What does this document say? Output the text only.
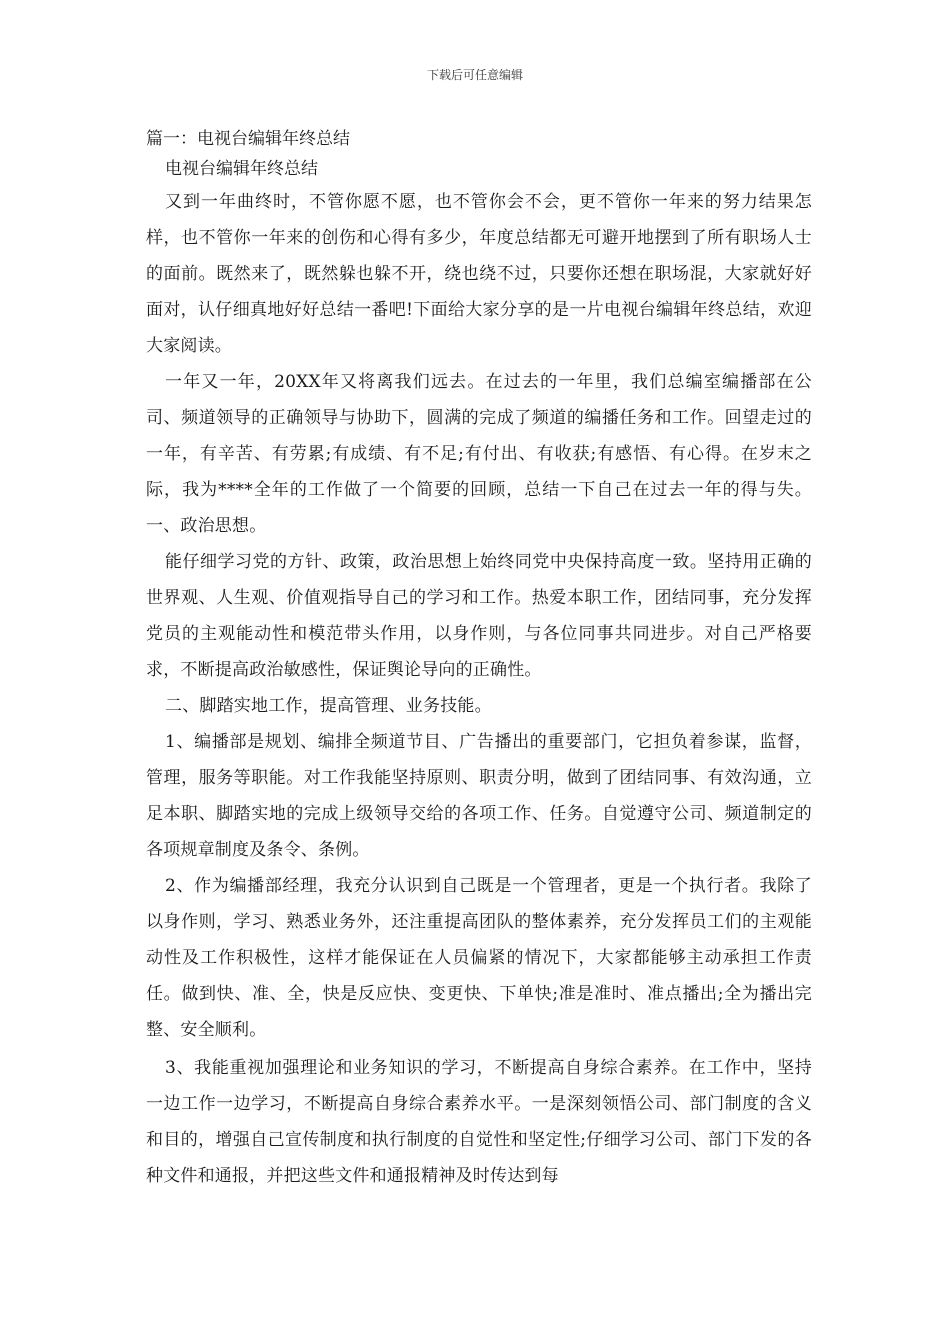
下载后可任意编辑

篇一：电视台编辑年终总结

电视台编辑年终总结

又到一年曲终时，不管你愿不愿，也不管你会不会，更不管你一年来的努力结果怎样，也不管你一年来的创伤和心得有多少，年度总结都无可避开地摆到了所有职场人士的面前。既然来了，既然躲也躲不开，绕也绕不过，只要你还想在职场混，大家就好好面对，认仔细真地好好总结一番吧!下面给大家分享的是一片电视台编辑年终总结，欢迎大家阅读。

一年又一年，20XX年又将离我们远去。在过去的一年里，我们总编室编播部在公司、频道领导的正确领导与协助下，圆满的完成了频道的编播任务和工作。回望走过的一年，有辛苦、有劳累;有成绩、有不足;有付出、有收获;有感悟、有心得。在岁末之际，我为****全年的工作做了一个简要的回顾，总结一下自己在过去一年的得与失。一、政治思想。

能仔细学习党的方针、政策，政治思想上始终同党中央保持高度一致。坚持用正确的世界观、人生观、价值观指导自己的学习和工作。热爱本职工作，团结同事，充分发挥党员的主观能动性和模范带头作用，以身作则，与各位同事共同进步。对自己严格要求，不断提高政治敏感性，保证舆论导向的正确性。

二、脚踏实地工作，提高管理、业务技能。

1、编播部是规划、编排全频道节目、广告播出的重要部门，它担负着参谋，监督，管理，服务等职能。对工作我能坚持原则、职责分明，做到了团结同事、有效沟通，立足本职、脚踏实地的完成上级领导交给的各项工作、任务。自觉遵守公司、频道制定的各项规章制度及条令、条例。

2、作为编播部经理，我充分认识到自己既是一个管理者，更是一个执行者。我除了以身作则，学习、熟悉业务外，还注重提高团队的整体素养，充分发挥员工们的主观能动性及工作积极性，这样才能保证在人员偏紧的情况下，大家都能够主动承担工作责任。做到快、准、全，快是反应快、变更快、下单快;准是准时、准点播出;全为播出完整、安全顺利。

3、我能重视加强理论和业务知识的学习，不断提高自身综合素养。在工作中，坚持一边工作一边学习，不断提高自身综合素养水平。一是深刻领悟公司、部门制度的含义和目的，增强自己宣传制度和执行制度的自觉性和坚定性;仔细学习公司、部门下发的各种文件和通报，并把这些文件和通报精神及时传达到每
